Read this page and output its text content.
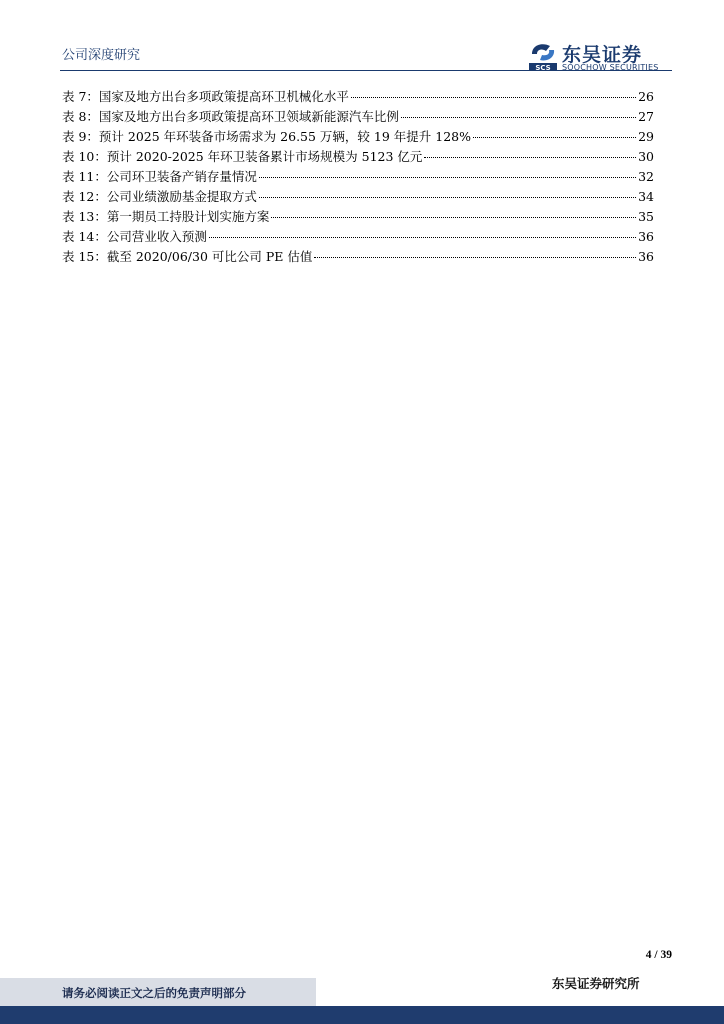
公司深度研究
SCS
东吴证券
SOOCHOW SECURITIES
表 7：国家及地方出台多项政策提高环卫机械化水平	26
表 8：国家及地方出台多项政策提高环卫领域新能源汽车比例	27
表 9：预计 2025 年环装备市场需求为 26.55 万辆，较 19 年提升 128%	29
表 10：预计 2020-2025 年环卫装备累计市场规模为 5123 亿元	30
表 11：公司环卫装备产销存量情况	32
表 12：公司业绩激励基金提取方式	34
表 13：第一期员工持股计划实施方案	35
表 14：公司营业收入预测	36
表 15：截至 2020/06/30 可比公司 PE 估值	36
4 / 39
请务必阅读正文之后的免责声明部分
东吴证券研究所
